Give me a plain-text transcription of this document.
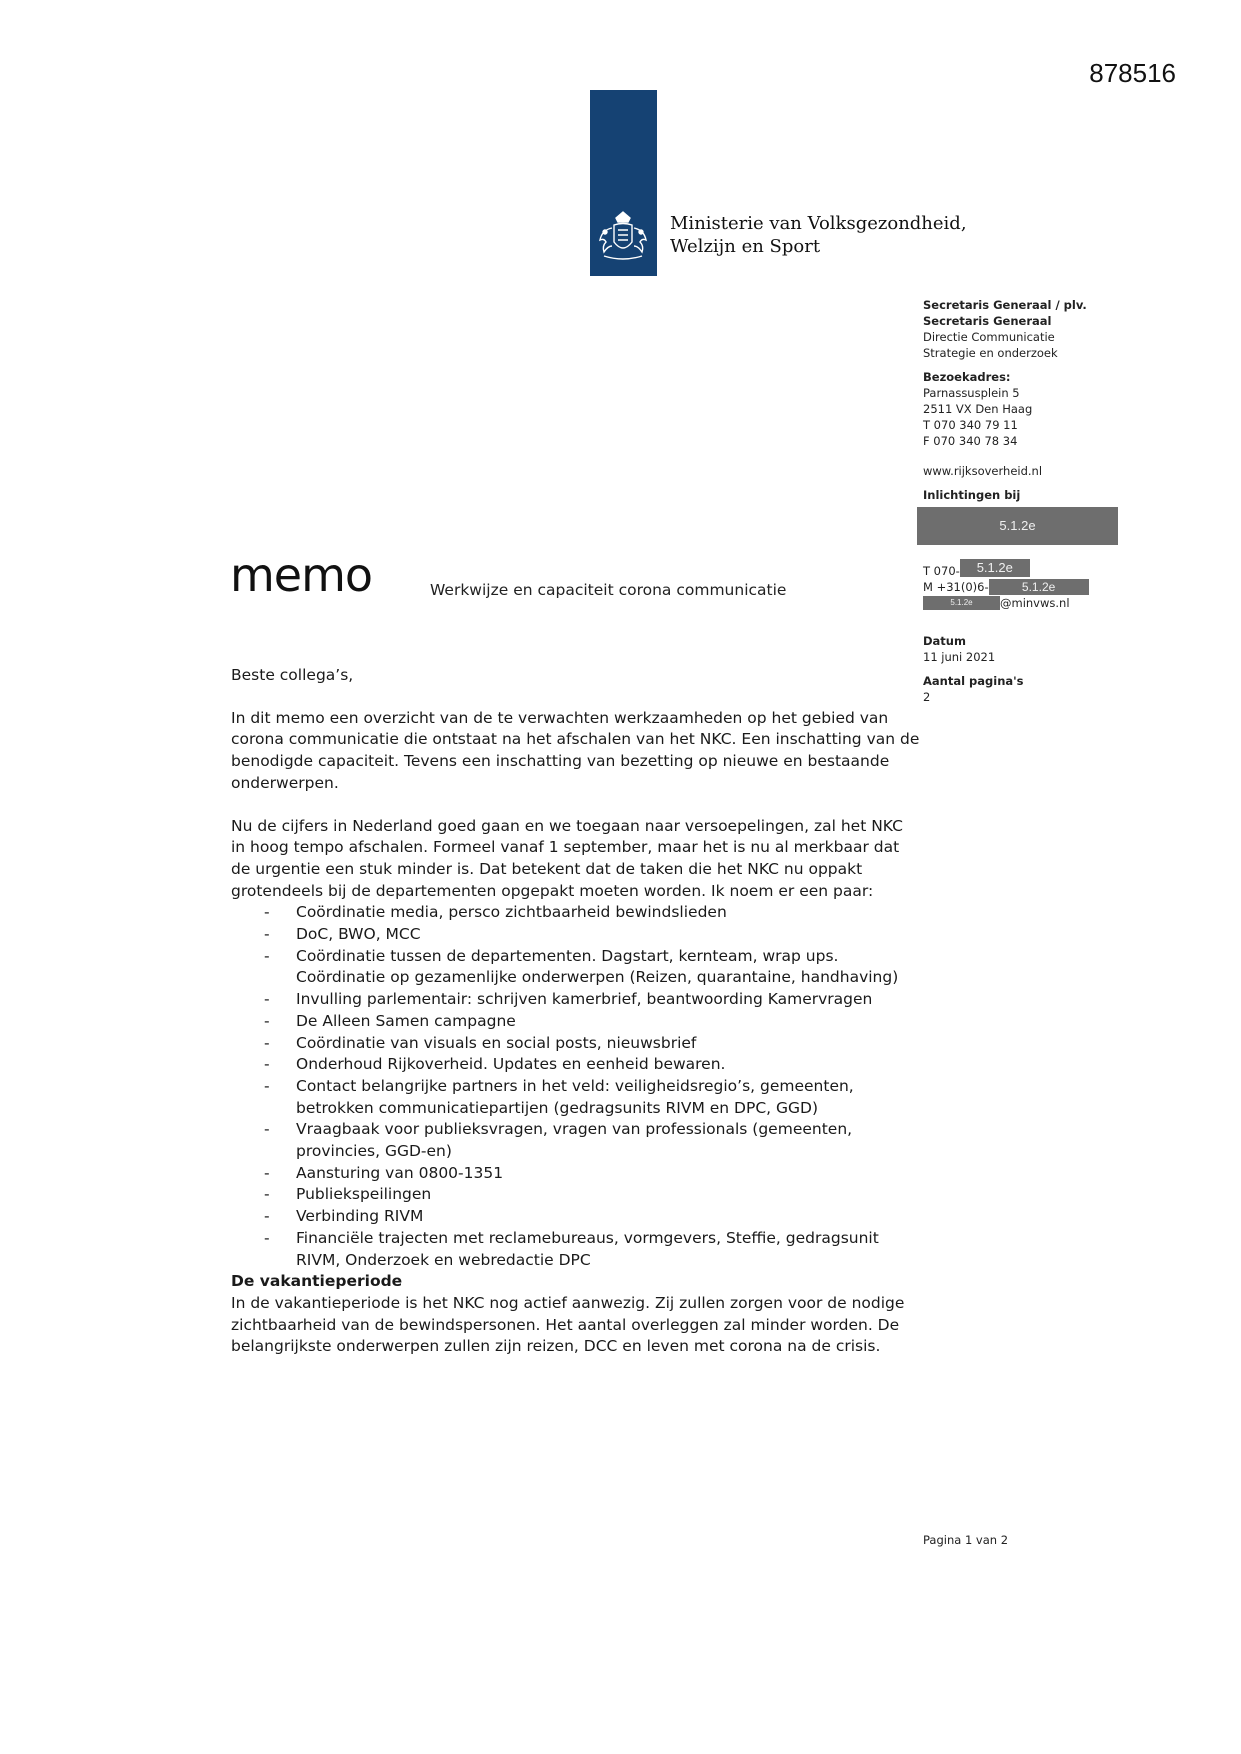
878516
Ministerie van Volksgezondheid,
Welzijn en Sport
Secretaris Generaal / plv.
Secretaris Generaal
Directie Communicatie
Strategie en onderzoek
Bezoekadres:
Parnassusplein 5
2511 VX Den Haag
T 070 340 79 11
F 070 340 78 34
www.rijksoverheid.nl
Inlichtingen bij
5.1.2e
T 070- 5.1.2e
M +31(0)6-	5.1.2e
5.1.2e @minvws.nl
Datum
11 juni 2021
Aantal pagina's
2
memo	Werkwijze en capaciteit corona communicatie

Beste collega’s,

In dit memo een overzicht van de te verwachten werkzaamheden op het gebied van corona communicatie die ontstaat na het afschalen van het NKC. Een inschatting van de benodigde capaciteit. Tevens een inschatting van bezetting op nieuwe en bestaande onderwerpen.

Nu de cijfers in Nederland goed gaan en we toegaan naar versoepelingen, zal het NKC in hoog tempo afschalen. Formeel vanaf 1 september, maar het is nu al merkbaar dat de urgentie een stuk minder is. Dat betekent dat de taken die het NKC nu oppakt grotendeels bij de departementen opgepakt moeten worden. Ik noem er een paar:

- Coördinatie media, persco zichtbaarheid bewindslieden
- DoC, BWO, MCC
- Coördinatie tussen de departementen. Dagstart, kernteam, wrap ups. Coördinatie op gezamenlijke onderwerpen (Reizen, quarantaine, handhaving)
- Invulling parlementair: schrijven kamerbrief, beantwoording Kamervragen
- De Alleen Samen campagne
- Coördinatie van visuals en social posts, nieuwsbrief
- Onderhoud Rijkoverheid. Updates en eenheid bewaren.
- Contact belangrijke partners in het veld: veiligheidsregio’s, gemeenten, betrokken communicatiepartijen (gedragsunits RIVM en DPC, GGD)
- Vraagbaak voor publieksvragen, vragen van professionals (gemeenten, provincies, GGD-en)
- Aansturing van 0800-1351
- Publiekspeilingen
- Verbinding RIVM
- Financiële trajecten met reclamebureaus, vormgevers, Steffie, gedragsunit RIVM, Onderzoek en webredactie DPC

De vakantieperiode

In de vakantieperiode is het NKC nog actief aanwezig. Zij zullen zorgen voor de nodige zichtbaarheid van de bewindspersonen. Het aantal overleggen zal minder worden. De belangrijkste onderwerpen zullen zijn reizen, DCC en leven met corona na de crisis.

Pagina 1 van 2
